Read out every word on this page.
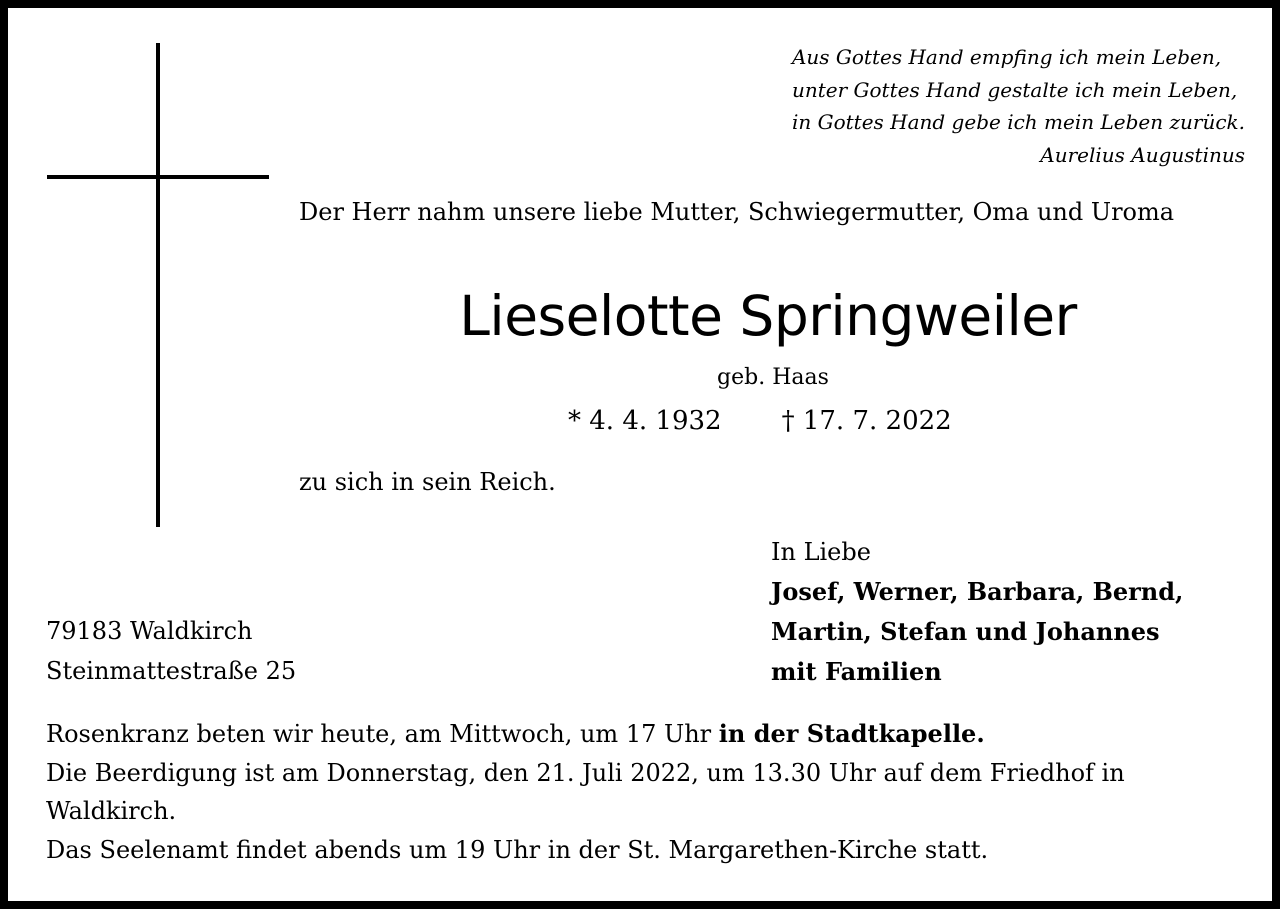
Aus Gottes Hand empfing ich mein Leben,
unter Gottes Hand gestalte ich mein Leben,
in Gottes Hand gebe ich mein Leben zurück.
Aurelius Augustinus

Der Herr nahm unsere liebe Mutter, Schwiegermutter, Oma und Uroma

Lieselotte Springweiler

geb. Haas

* 4. 4. 1932 † 17. 7. 2022

zu sich in sein Reich.

In Liebe
Josef, Werner, Barbara, Bernd,
Martin, Stefan und Johannes
mit Familien

79183 Waldkirch
Steinmattestraße 25

Rosenkranz beten wir heute, am Mittwoch, um 17 Uhr in der Stadtkapelle.
Die Beerdigung ist am Donnerstag, den 21. Juli 2022, um 13.30 Uhr auf dem Friedhof in
Waldkirch.
Das Seelenamt findet abends um 19 Uhr in der St. Margarethen-Kirche statt.
